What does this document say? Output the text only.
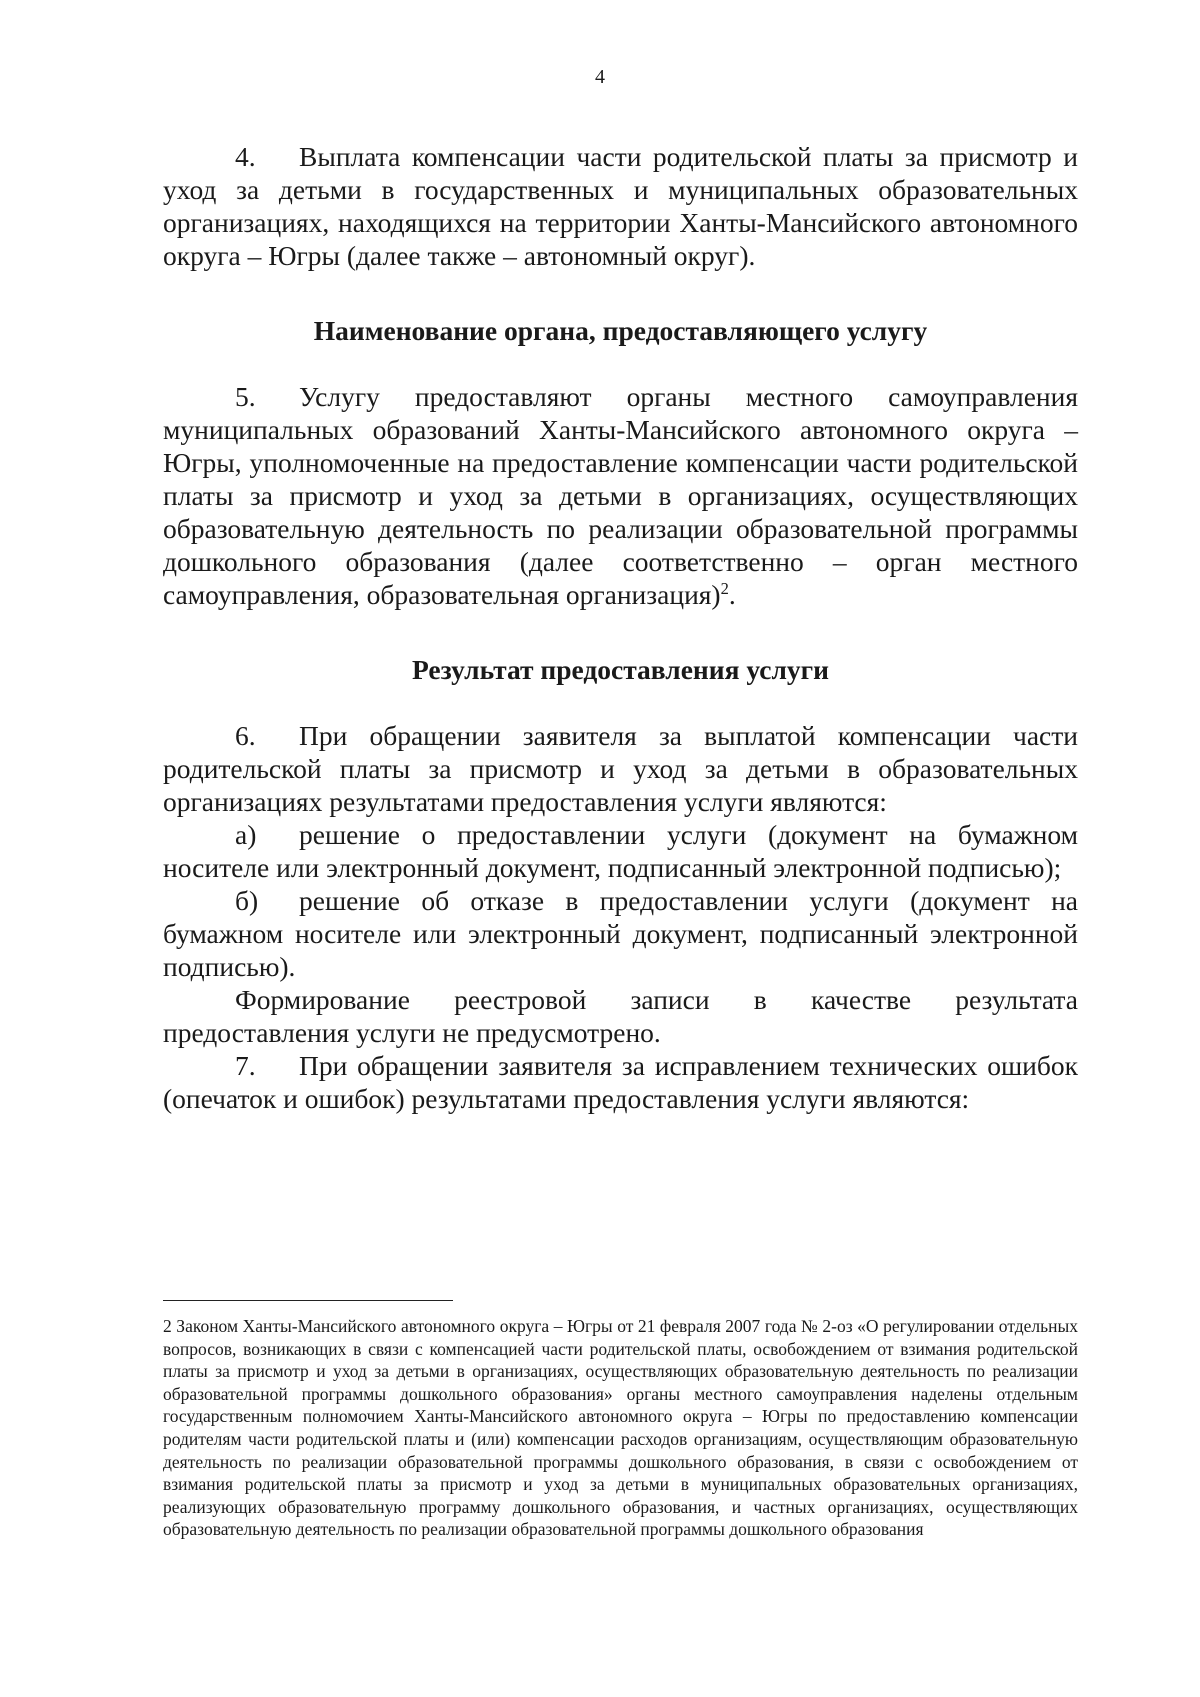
4

4. Выплата компенсации части родительской платы за присмотр и уход за детьми в государственных и муниципальных образовательных организациях, находящихся на территории Ханты-Мансийского автономного округа – Югры (далее также – автономный округ).

Наименование органа, предоставляющего услугу

5. Услугу предоставляют органы местного самоуправления муниципальных образований Ханты-Мансийского автономного округа – Югры, уполномоченные на предоставление компенсации части родительской платы за присмотр и уход за детьми в организациях, осуществляющих образовательную деятельность по реализации образовательной программы дошкольного образования (далее соответственно – орган местного самоуправления, образовательная организация)$^2$.

Результат предоставления услуги

6. При обращении заявителя за выплатой компенсации части родительской платы за присмотр и уход за детьми в образовательных организациях результатами предоставления услуги являются:

а) решение о предоставлении услуги (документ на бумажном носителе или электронный документ, подписанный электронной подписью);

б) решение об отказе в предоставлении услуги (документ на бумажном носителе или электронный документ, подписанный электронной подписью).

Формирование реестровой записи в качестве результата предоставления услуги не предусмотрено.

7. При обращении заявителя за исправлением технических ошибок (опечаток и ошибок) результатами предоставления услуги являются:

2 Законом Ханты-Мансийского автономного округа – Югры от 21 февраля 2007 года № 2-оз «О регулировании отдельных вопросов, возникающих в связи с компенсацией части родительской платы, освобождением от взимания родительской платы за присмотр и уход за детьми в организациях, осуществляющих образовательную деятельность по реализации образовательной программы дошкольного образования» органы местного самоуправления наделены отдельным государственным полномочием Ханты-Мансийского автономного округа – Югры по предоставлению компенсации родителям части родительской платы и (или) компенсации расходов организациям, осуществляющим образовательную деятельность по реализации образовательной программы дошкольного образования, в связи с освобождением от взимания родительской платы за присмотр и уход за детьми в муниципальных образовательных организациях, реализующих образовательную программу дошкольного образования, и частных организациях, осуществляющих образовательную деятельность по реализации образовательной программы дошкольного образования
